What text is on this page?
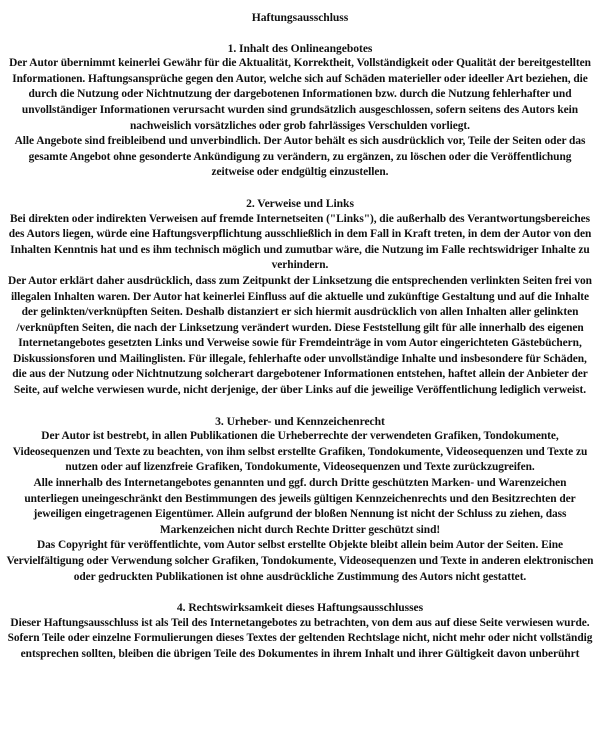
Haftungsausschluss
1. Inhalt des Onlineangebotes
Der Autor übernimmt keinerlei Gewähr für die Aktualität, Korrektheit, Vollständigkeit oder Qualität der bereitgestellten Informationen. Haftungsansprüche gegen den Autor, welche sich auf Schäden materieller oder ideeller Art beziehen, die durch die Nutzung oder Nichtnutzung der dargebotenen Informationen bzw. durch die Nutzung fehlerhafter und unvollständiger Informationen verursacht wurden sind grundsätzlich ausgeschlossen, sofern seitens des Autors kein nachweislich vorsätzliches oder grob fahrlässiges Verschulden vorliegt.
Alle Angebote sind freibleibend und unverbindlich. Der Autor behält es sich ausdrücklich vor, Teile der Seiten oder das gesamte Angebot ohne gesonderte Ankündigung zu verändern, zu ergänzen, zu löschen oder die Veröffentlichung zeitweise oder endgültig einzustellen.
2. Verweise und Links
Bei direkten oder indirekten Verweisen auf fremde Internetseiten ("Links"), die außerhalb des Verantwortungsbereiches des Autors liegen, würde eine Haftungsverpflichtung ausschließlich in dem Fall in Kraft treten, in dem der Autor von den Inhalten Kenntnis hat und es ihm technisch möglich und zumutbar wäre, die Nutzung im Falle rechtswidriger Inhalte zu verhindern.
Der Autor erklärt daher ausdrücklich, dass zum Zeitpunkt der Linksetzung die entsprechenden verlinkten Seiten frei von illegalen Inhalten waren. Der Autor hat keinerlei Einfluss auf die aktuelle und zukünftige Gestaltung und auf die Inhalte der gelinkten/verknüpften Seiten. Deshalb distanziert er sich hiermit ausdrücklich von allen Inhalten aller gelinkten /verknüpften Seiten, die nach der Linksetzung verändert wurden. Diese Feststellung gilt für alle innerhalb des eigenen Internetangebotes gesetzten Links und Verweise sowie für Fremdeinträge in vom Autor eingerichteten Gästebüchern, Diskussionsforen und Mailinglisten. Für illegale, fehlerhafte oder unvollständige Inhalte und insbesondere für Schäden, die aus der Nutzung oder Nichtnutzung solcherart dargebotener Informationen entstehen, haftet allein der Anbieter der Seite, auf welche verwiesen wurde, nicht derjenige, der über Links auf die jeweilige Veröffentlichung lediglich verweist.
3. Urheber- und Kennzeichenrecht
Der Autor ist bestrebt, in allen Publikationen die Urheberrechte der verwendeten Grafiken, Tondokumente, Videosequenzen und Texte zu beachten, von ihm selbst erstellte Grafiken, Tondokumente, Videosequenzen und Texte zu nutzen oder auf lizenzfreie Grafiken, Tondokumente, Videosequenzen und Texte zurückzugreifen.
Alle innerhalb des Internetangebotes genannten und ggf. durch Dritte geschützten Marken- und Warenzeichen unterliegen uneingeschränkt den Bestimmungen des jeweils gültigen Kennzeichenrechts und den Besitzrechten der jeweiligen eingetragenen Eigentümer. Allein aufgrund der bloßen Nennung ist nicht der Schluss zu ziehen, dass Markenzeichen nicht durch Rechte Dritter geschützt sind!
Das Copyright für veröffentlichte, vom Autor selbst erstellte Objekte bleibt allein beim Autor der Seiten. Eine Vervielfältigung oder Verwendung solcher Grafiken, Tondokumente, Videosequenzen und Texte in anderen elektronischen oder gedruckten Publikationen ist ohne ausdrückliche Zustimmung des Autors nicht gestattet.
4. Rechtswirksamkeit dieses Haftungsausschlusses
Dieser Haftungsausschluss ist als Teil des Internetangebotes zu betrachten, von dem aus auf diese Seite verwiesen wurde. Sofern Teile oder einzelne Formulierungen dieses Textes der geltenden Rechtslage nicht, nicht mehr oder nicht vollständig entsprechen sollten, bleiben die übrigen Teile des Dokumentes in ihrem Inhalt und ihrer Gültigkeit davon unberührt
